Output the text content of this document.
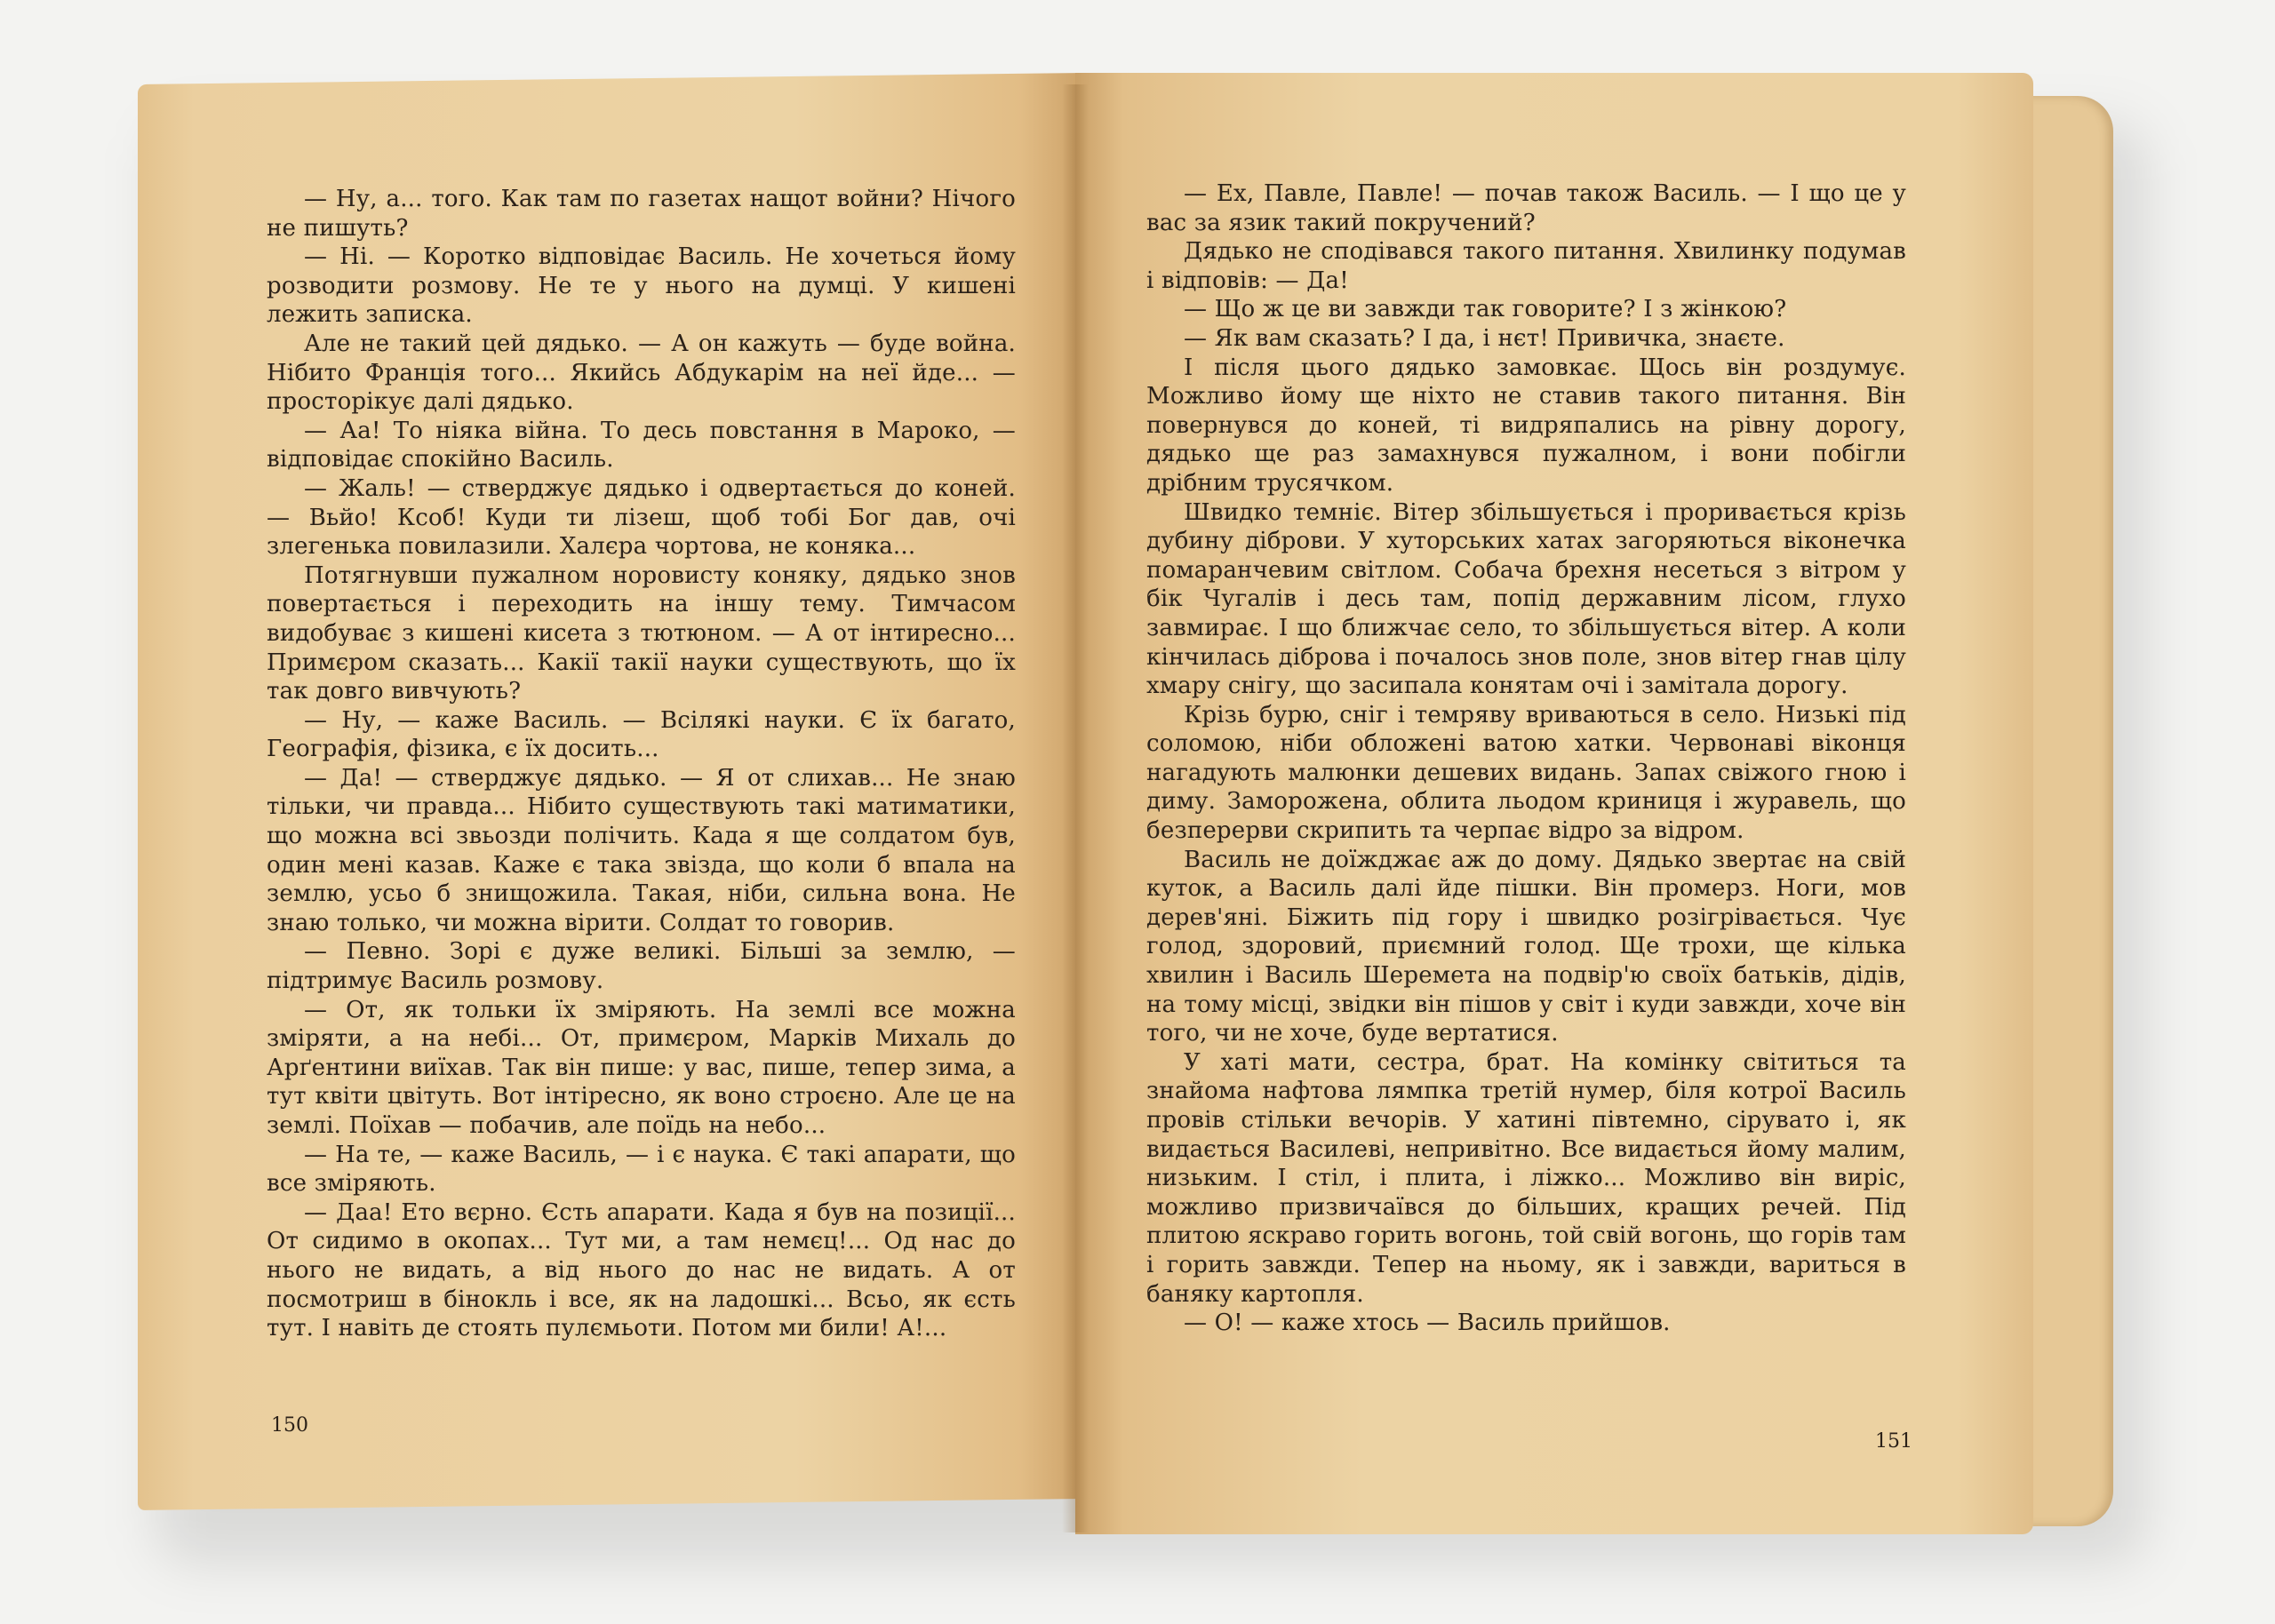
— Ну, а... того. Как там по газетах нащот войни? Нічого не пишуть?

— Ні. — Коротко відповідає Василь. Не хочеться йому розводити розмову. Не те у нього на думці. У кишені лежить записка.

Але не такий цей дядько. — А он кажуть — буде война. Нібито Франція того... Якийсь Абдукарім на неї йде... — просторікує далі дядько.

— Аа! То ніяка війна. То десь повстання в Мароко, — відповідає спокійно Василь.

— Жаль! — стверджує дядько і одвертається до коней. — Вьйо! Ксоб! Куди ти лізеш, щоб тобі Бог дав, очі злегенька повилазили. Халєра чортова, не коняка...

Потягнувши пужалном норовисту коняку, дядько знов повертається і переходить на іншу тему. Тимчасом видобуває з кишені кисета з тютюном. — А от інтиресно... Примєром сказать... Какії такії науки существують, що їх так довго вивчують?

— Ну, — каже Василь. — Всілякі науки. Є їх багато, Географія, фізика, є їх досить...

— Да! — стверджує дядько. — Я от слихав... Не знаю тільки, чи правда... Нібито существують такі матиматики, що можна всі звьозди полічить. Када я ще солдатом був, один мені казав. Каже є така звізда, що коли б впала на землю, усьо б знищожила. Такая, ніби, сильна вона. Не знаю только, чи можна вірити. Солдат то говорив.

— Певно. Зорі є дуже великі. Більші за землю, — підтримує Василь розмову.

— От, як тольки їх зміряють. На землі все можна зміряти, а на небі... От, примєром, Марків Михаль до Арґентини виїхав. Так він пише: у вас, пише, тепер зима, а тут квіти цвітуть. Вот інтіресно, як воно строєно. Але це на землі. Поїхав — побачив, але поїдь на небо...

— На те, — каже Василь, — і є наука. Є такі апарати, що все зміряють.

— Даа! Ето вєрно. Єсть апарати. Када я був на позиції... От сидимо в окопах... Тут ми, а там немєц!... Од нас до нього не видать, а від нього до нас не видать. А от посмотриш в бінокль і все, як на ладошкі... Всьо, як єсть тут. І навіть де стоять пулємьоти. Потом ми били! А!...

150

— Ех, Павле, Павле! — почав також Василь. — І що це у вас за язик такий покручений?

Дядько не сподівався такого питання. Хвилинку подумав і відповів: — Да!

— Що ж це ви завжди так говорите? І з жінкою?

— Як вам сказать? І да, і нєт! Привичка, знаєте.

І після цього дядько замовкає. Щось він роздумує. Можливо йому ще ніхто не ставив такого питання. Він повернувся до коней, ті видряпались на рівну дорогу, дядько ще раз замахнувся пужалном, і вони побігли дрібним трусячком.

Швидко темніє. Вітер збільшується і проривається крізь дубину діброви. У хуторських хатах загоряються віконечка помаранчевим світлом. Собача брехня несеться з вітром у бік Чугалів і десь там, попід державним лісом, глухо завмирає. І що ближчає село, то збільшується вітер. А коли кінчилась діброва і почалось знов поле, знов вітер гнав цілу хмару снігу, що засипала конятам очі і замітала дорогу.

Крізь бурю, сніг і темряву вриваються в село. Низькі під соломою, ніби обложені ватою хатки. Червонаві віконця нагадують малюнки дешевих видань. Запах свіжого гною і диму. Заморожена, облита льодом криниця і журавель, що безперерви скрипить та черпає відро за відром.

Василь не доїжджає аж до дому. Дядько звертає на свій куток, а Василь далі йде пішки. Він промерз. Ноги, мов дерев'яні. Біжить під гору і швидко розігрівається. Чує голод, здоровий, приємний голод. Ще трохи, ще кілька хвилин і Василь Шеремета на подвір'ю своїх батьків, дідів, на тому місці, звідки він пішов у світ і куди завжди, хоче він того, чи не хоче, буде вертатися.

У хаті мати, сестра, брат. На комінку світиться та знайома нафтова лямпка третій нумер, біля котрої Василь провів стільки вечорів. У хатині півтемно, сірувато і, як видається Василеві, непривітно. Все видається йому малим, низьким. І стіл, і плита, і ліжко... Можливо він виріс, можливо призвичаївся до більших, кращих речей. Під плитою яскраво горить вогонь, той свій вогонь, що горів там і горить завжди. Тепер на ньому, як і завжди, вариться в баняку картопля.

— О! — каже хтось — Василь прийшов.

151
